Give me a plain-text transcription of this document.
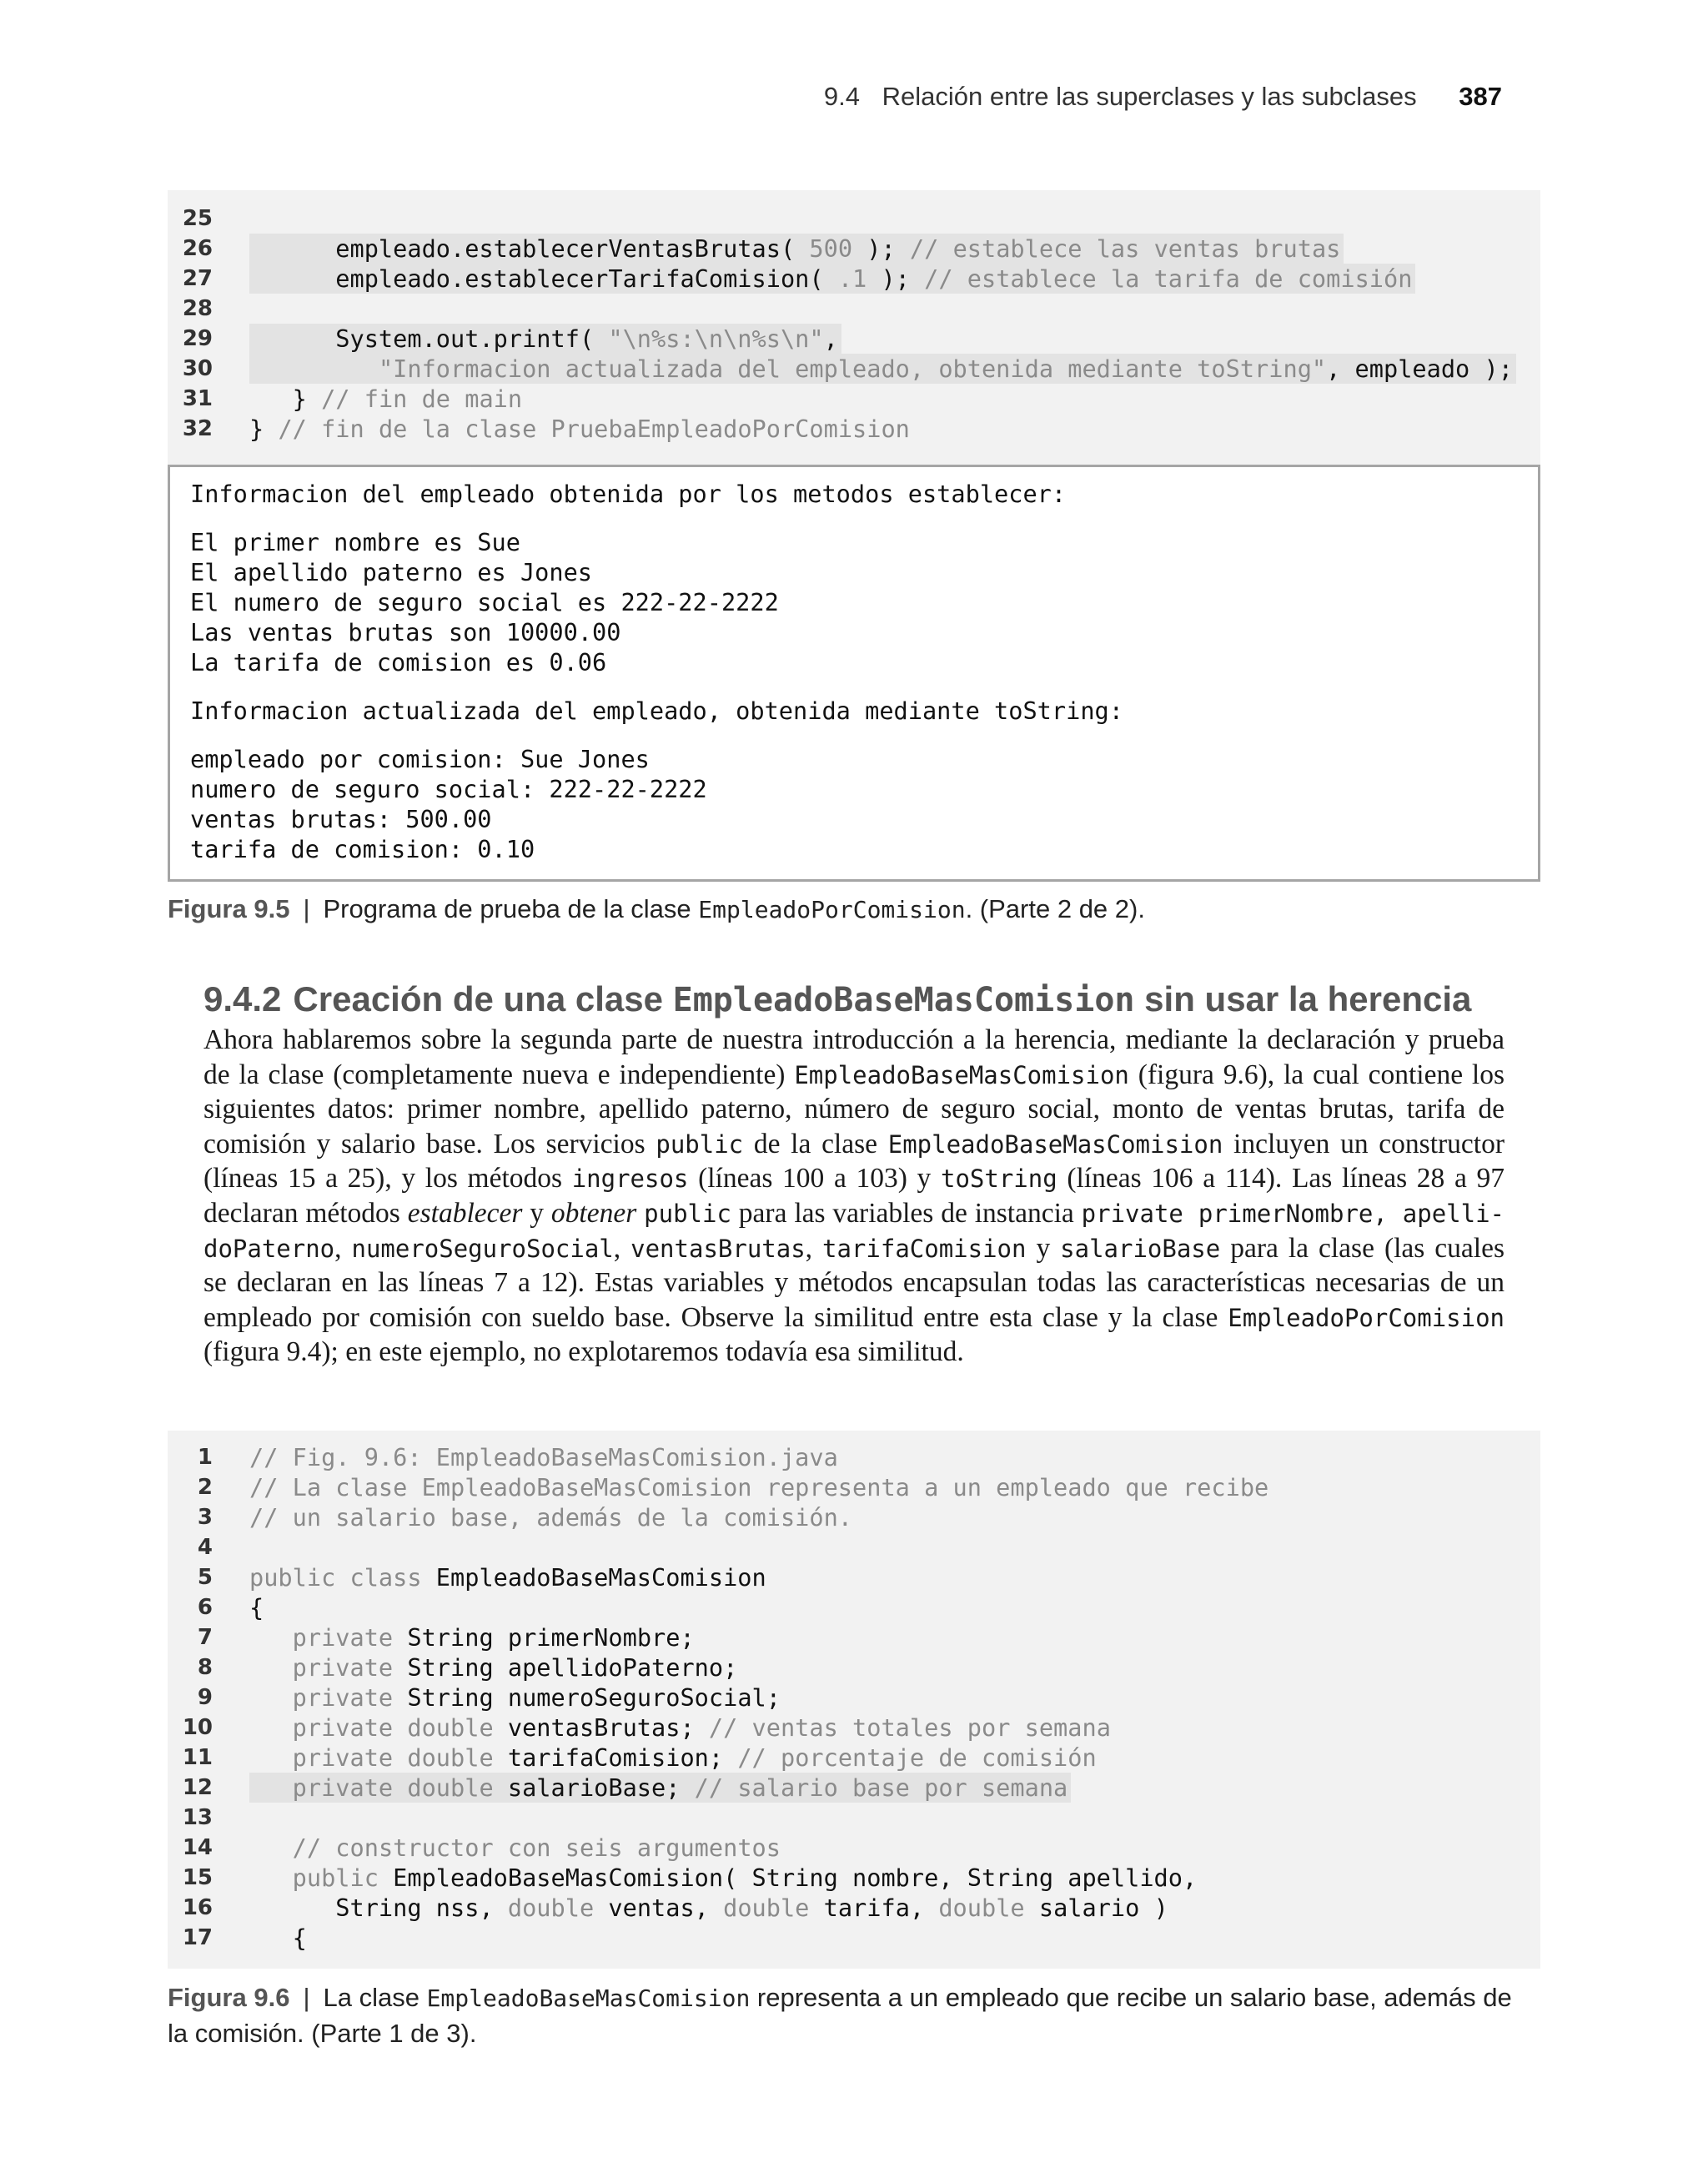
9.4 Relación entre las superclases y las subclases 387
25
26 empleado.establecerVentasBrutas( 500 ); // establece las ventas brutas
27 empleado.establecerTarifaComision( .1 ); // establece la tarifa de comisión
28
29 System.out.printf( "\n%s:\n\n%s\n",
30	"Informacion actualizada del empleado, obtenida mediante toString", empleado );
31 } // fin de main
32 } // fin de la clase PruebaEmpleadoPorComision
Informacion del empleado obtenida por los metodos establecer:
El primer nombre es Sue
El apellido paterno es Jones
El numero de seguro social es 222-22-2222
Las ventas brutas son 10000.00
La tarifa de comision es 0.06
Informacion actualizada del empleado, obtenida mediante toString:
empleado por comision: Sue Jones
numero de seguro social: 222-22-2222
ventas brutas: 500.00
tarifa de comision: 0.10
Figura 9.5 | Programa de prueba de la clase EmpleadoPorComision. (Parte 2 de 2).
9.4.2 Creación de una clase EmpleadoBaseMasComision sin usar la herencia
Ahora hablaremos sobre la segunda parte de nuestra introducción a la herencia, mediante la declaración y prueba
de la clase (completamente nueva e independiente) EmpleadoBaseMasComision (figura 9.6), la cual contiene los
siguientes datos: primer nombre, apellido paterno, número de seguro social, monto de ventas brutas, tarifa de
comisión y salario base. Los servicios public de la clase EmpleadoBaseMasComision incluyen un constructor
(líneas 15 a 25), y los métodos ingresos (líneas 100 a 103) y toString (líneas 106 a 114). Las líneas 28 a 97
declaran métodos establecer y obtener public para las variables de instancia private primerNombre, apelli-
doPaterno, numeroSeguroSocial, ventasBrutas, tarifaComision y salarioBase para la clase (las cuales
se declaran en las líneas 7 a 12). Estas variables y métodos encapsulan todas las características necesarias de un
empleado por comisión con sueldo base. Observe la similitud entre esta clase y la clase EmpleadoPorComision
(figura 9.4); en este ejemplo, no explotaremos todavía esa similitud.
1 // Fig. 9.6: EmpleadoBaseMasComision.java
2 // La clase EmpleadoBaseMasComision representa a un empleado que recibe
3 // un salario base, además de la comisión.
4
5 public class EmpleadoBaseMasComision
6 {
7 private String primerNombre;
8 private String apellidoPaterno;
9 private String numeroSeguroSocial;
10 private double ventasBrutas; // ventas totales por semana
11 private double tarifaComision; // porcentaje de comisión
12 private double salarioBase; // salario base por semana
13
14	// constructor con seis argumentos
15 public EmpleadoBaseMasComision( String nombre, String apellido,
16 String nss, double ventas, double tarifa, double salario )
17 {
Figura 9.6 | La clase EmpleadoBaseMasComision representa a un empleado que recibe un salario base, además de
la comisión. (Parte 1 de 3).
